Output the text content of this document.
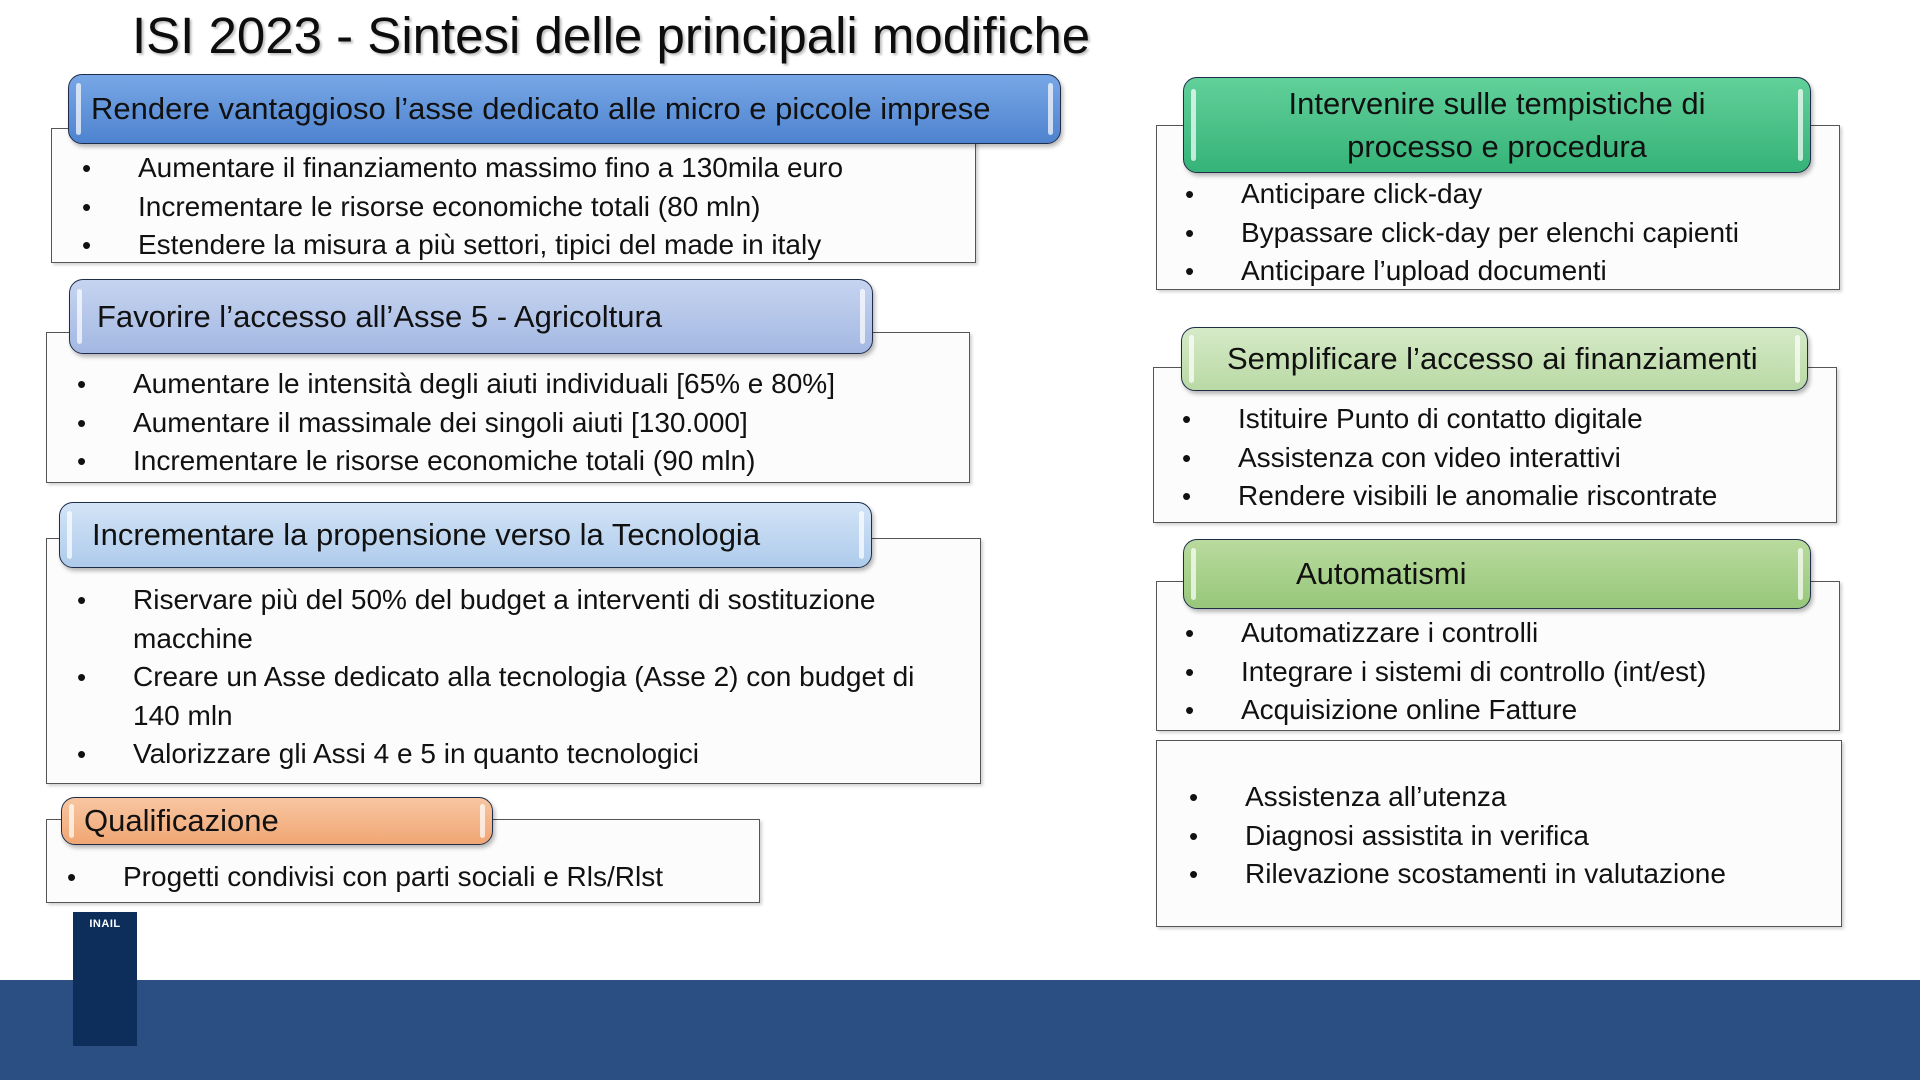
ISI 2023 - Sintesi delle principali modifiche
• Aumentare il finanziamento massimo fino a 130mila euro
• Incrementare le risorse economiche totali (80 mln)
• Estendere la misura a più settori, tipici del made in italy
Rendere vantaggioso l’asse dedicato alle micro e piccole imprese
• Aumentare le intensità degli aiuti individuali [65% e 80%]
• Aumentare il massimale dei singoli aiuti [130.000]
• Incrementare le risorse economiche totali (90 mln)
Favorire l’accesso all’Asse 5 - Agricoltura
• Riservare più del 50% del budget a interventi di sostituzione macchine
• Creare un Asse dedicato alla tecnologia (Asse 2) con budget di 140 mln
• Valorizzare gli Assi 4 e 5 in quanto tecnologici
Incrementare la propensione verso la Tecnologia
• Progetti condivisi con parti sociali e Rls/Rlst
Qualificazione
• Anticipare click-day
• Bypassare click-day per elenchi capienti
• Anticipare l’upload documenti
Intervenire sulle tempistiche di processo e procedura
• Istituire Punto di contatto digitale
• Assistenza con video interattivi
• Rendere visibili le anomalie riscontrate
Semplificare l’accesso ai finanziamenti
• Automatizzare i controlli
• Integrare i sistemi di controllo (int/est)
• Acquisizione online Fatture
Automatismi
• Assistenza all’utenza
• Diagnosi assistita in verifica
• Rilevazione scostamenti in valutazione
INAIL
